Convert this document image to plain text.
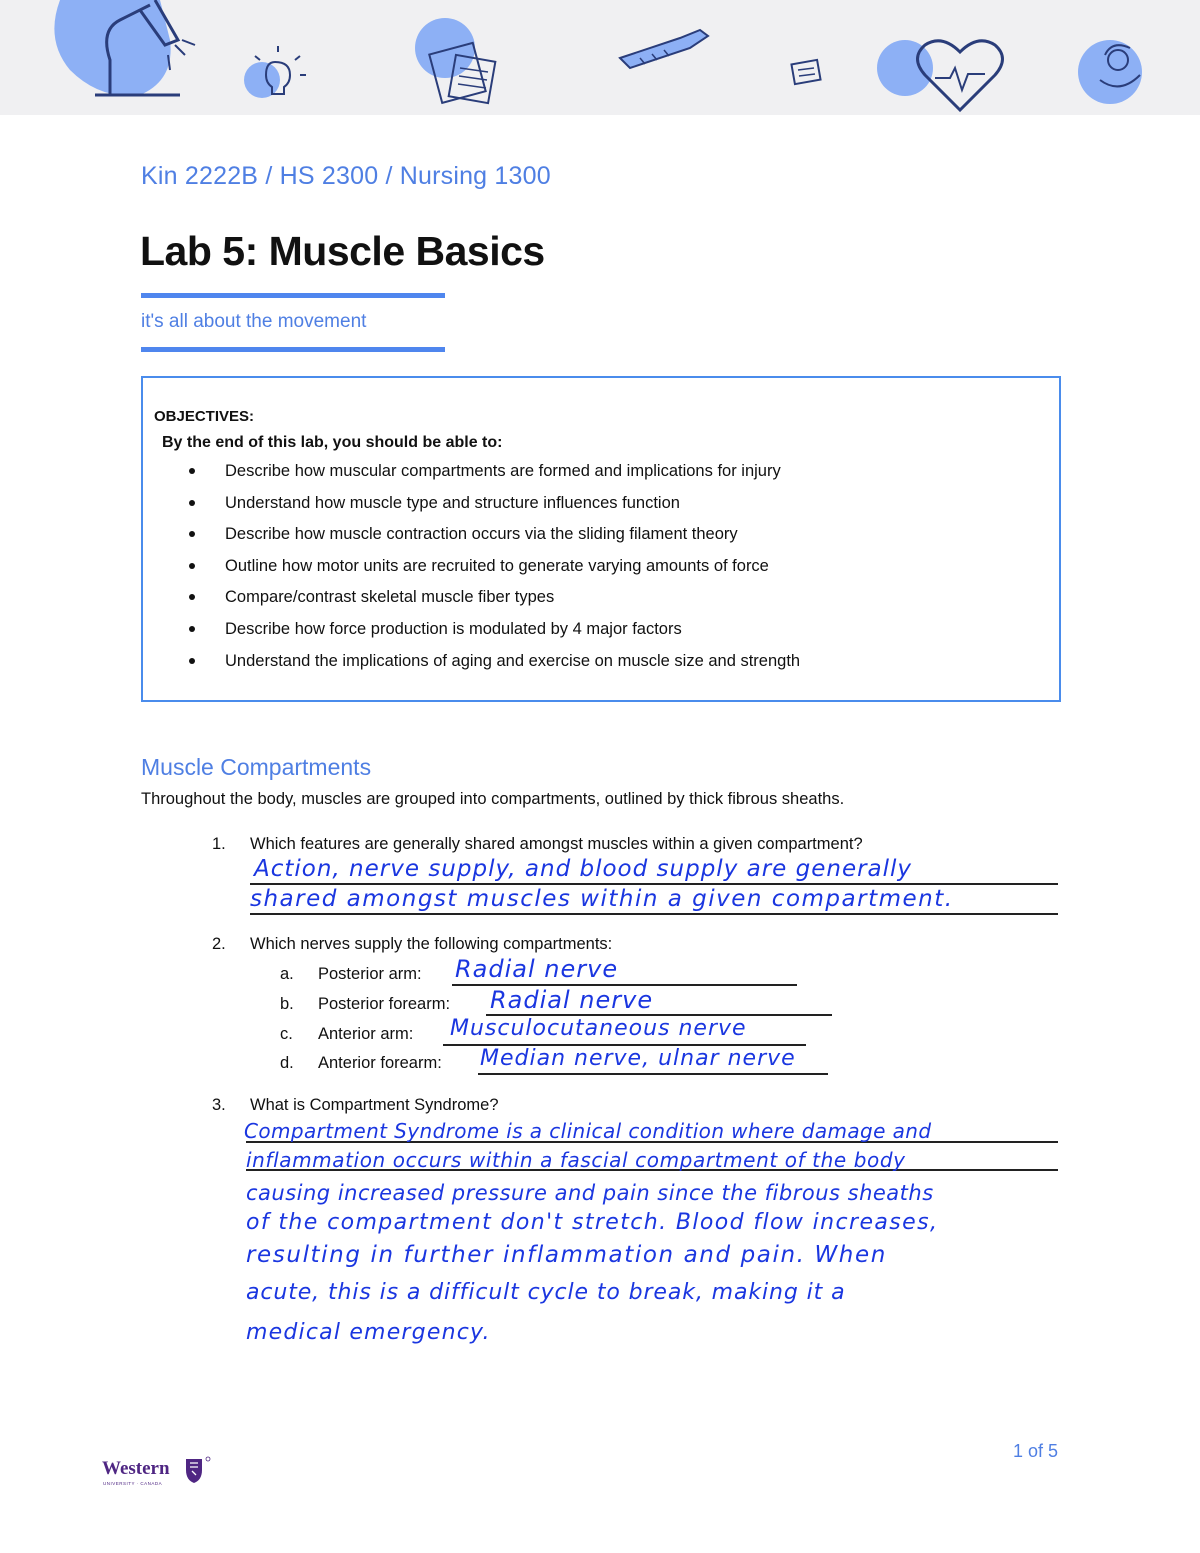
Kin 2222B / HS 2300 / Nursing 1300
Lab 5: Muscle Basics
it's all about the movement
OBJECTIVES:
By the end of this lab, you should be able to:
Describe how muscular compartments are formed and implications for injury
Understand how muscle type and structure influences function
Describe how muscle contraction occurs via the sliding filament theory
Outline how motor units are recruited to generate varying amounts of force
Compare/contrast skeletal muscle fiber types
Describe how force production is modulated by 4 major factors
Understand the implications of aging and exercise on muscle size and strength
Muscle Compartments
Throughout the body, muscles are grouped into compartments, outlined by thick fibrous sheaths.
1. Which features are generally shared amongst muscles within a given compartment?
Action, nerve supply, and blood supply are generally
shared amongst muscles within a given compartment.
2. Which nerves supply the following compartments:
a. Posterior arm: Radial nerve
b. Posterior forearm: Radial nerve
c. Anterior arm: Musculocutaneous nerve
d. Anterior forearm: Median nerve, ulnar nerve
3. What is Compartment Syndrome?
Compartment Syndrome is a clinical condition where damage and
inflammation occurs within a fascial compartment of the body
causing increased pressure and pain since the fibrous sheaths
of the compartment don't stretch. Blood flow increases,
resulting in further inflammation and pain. When
acute, this is a difficult cycle to break, making it a
medical emergency.
Western
UNIVERSITY · CANADA
1 of 5
